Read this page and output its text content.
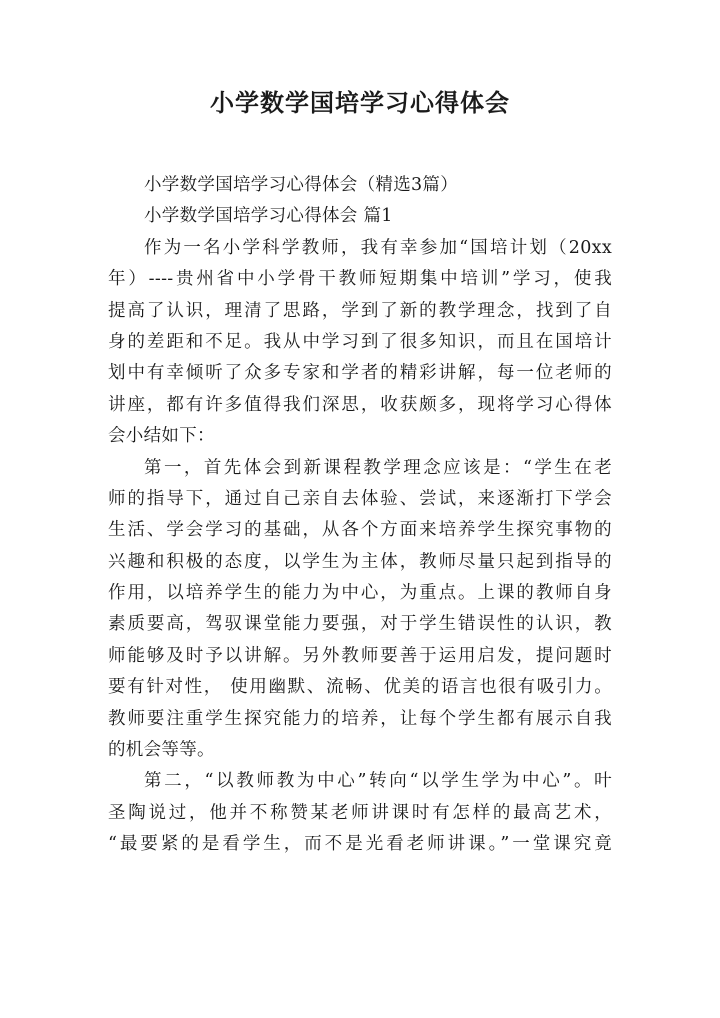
小学数学国培学习心得体会
小学数学国培学习心得体会（精选3篇）
小学数学国培学习心得体会 篇1
作为一名小学科学教师，我有幸参加“国培计划（20xx
年）----贵州省中小学骨干教师短期集中培训”学习，使我
提高了认识，理清了思路，学到了新的教学理念，找到了自
身的差距和不足。我从中学习到了很多知识，而且在国培计
划中有幸倾听了众多专家和学者的精彩讲解，每一位老师的
讲座，都有许多值得我们深思，收获颇多，现将学习心得体
会小结如下：
第一，首先体会到新课程教学理念应该是：“学生在老
师的指导下，通过自己亲自去体验、尝试，来逐渐打下学会
生活、学会学习的基础，从各个方面来培养学生探究事物的
兴趣和积极的态度，以学生为主体，教师尽量只起到指导的
作用，以培养学生的能力为中心，为重点。上课的教师自身
素质要高，驾驭课堂能力要强，对于学生错误性的认识，教
师能够及时予以讲解。另外教师要善于运用启发，提问题时
要有针对性， 使用幽默、流畅、优美的语言也很有吸引力。
教师要注重学生探究能力的培养，让每个学生都有展示自我
的机会等等。
第二，“以教师教为中心”转向“以学生学为中心”。叶
圣陶说过，他并不称赞某老师讲课时有怎样的最高艺术，
“最要紧的是看学生，而不是光看老师讲课。”一堂课究竟
